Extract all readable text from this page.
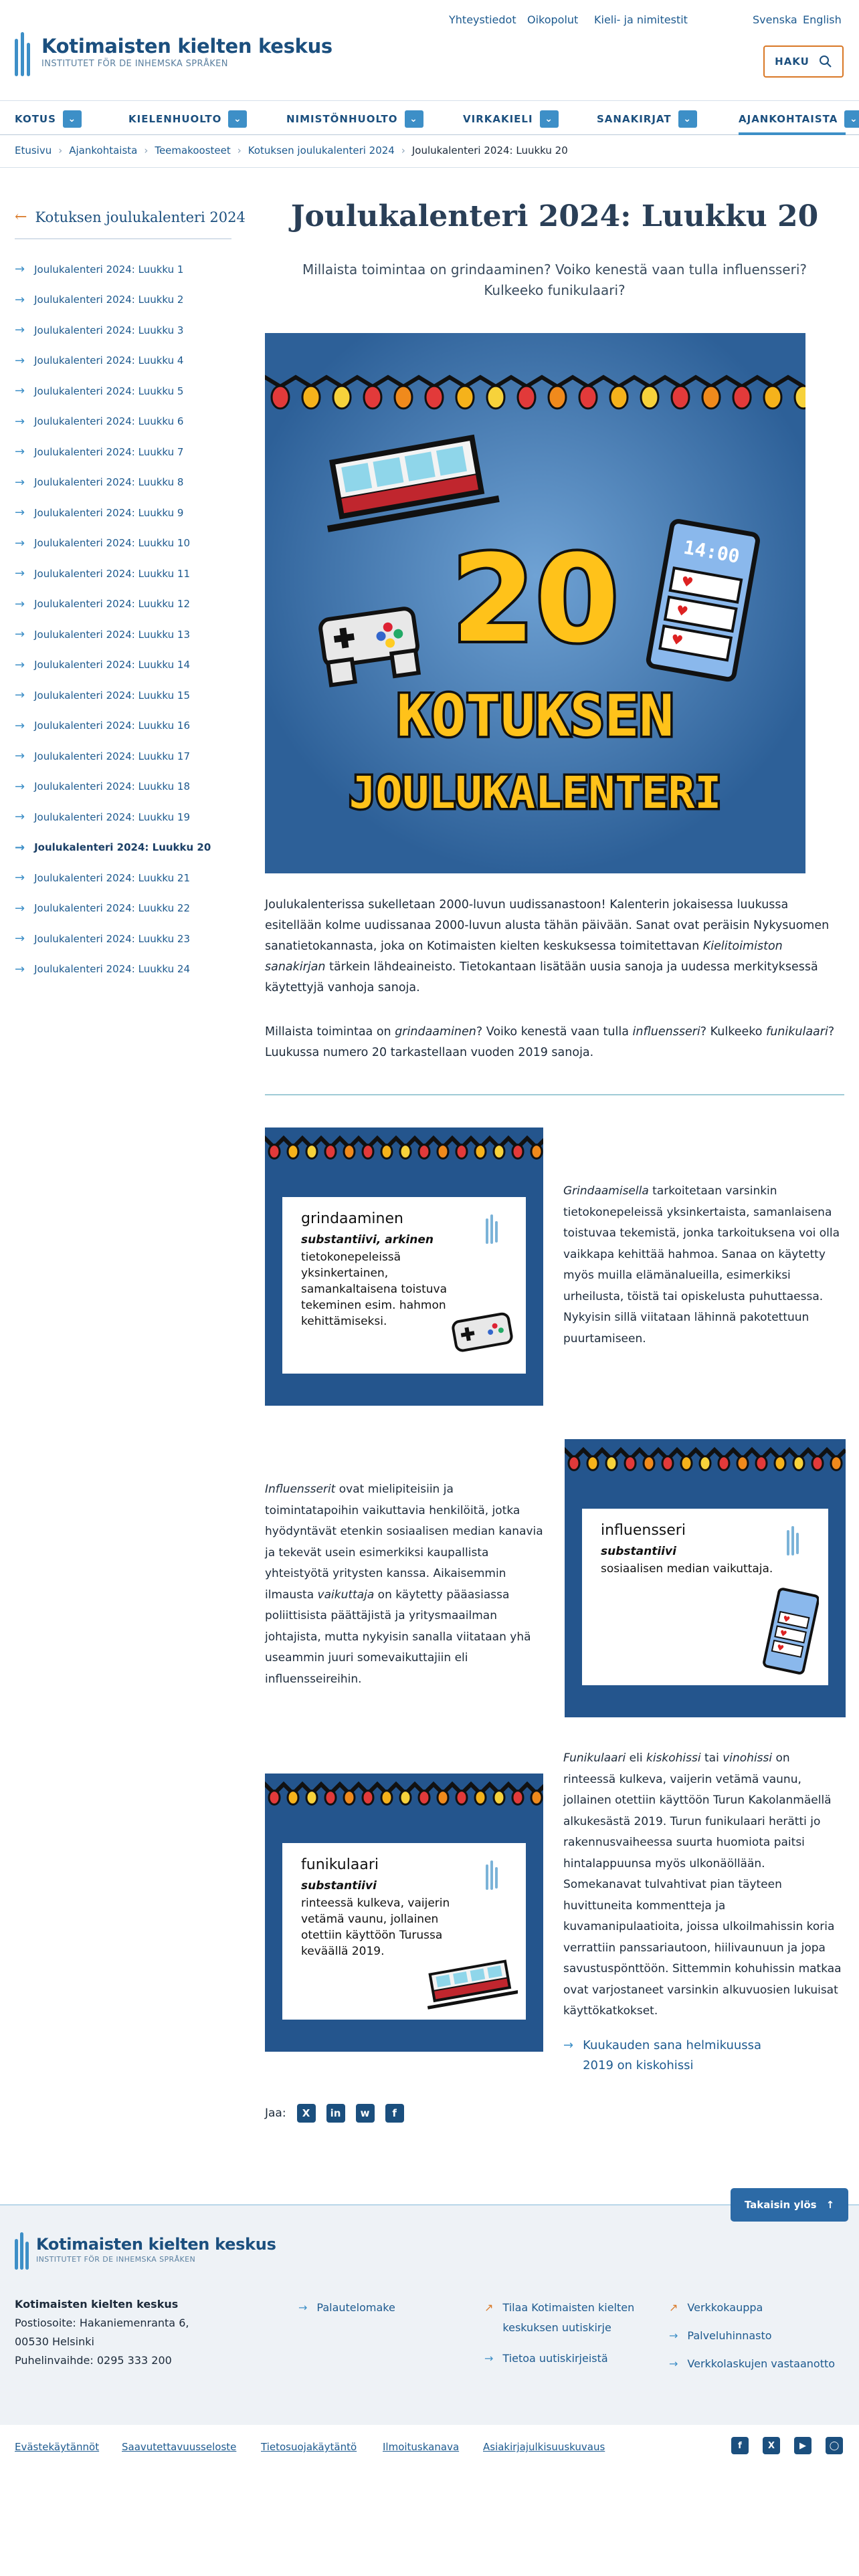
Kotimaisten kielten keskus
INSTITUTET FÖR DE INHEMSKA SPRÅKEN
Yhteystiedot Oikopolut Kieli- ja nimitestit	Svenska English
HAKU
KOTUS	⌄	KIELENHUOLTO	⌄	NIMISTÖNHUOLTO	⌄	VIRKAKIELI	⌄	SANAKIRJAT	⌄	AJANKOHTAISTA	⌄
Etusivu › Ajankohtaista › Teemakoosteet › Kotuksen joulukalenteri 2024 › Joulukalenteri 2024: Luukku 20
← Kotuksen joulukalenteri 2024
→ Joulukalenteri 2024: Luukku 1
→ Joulukalenteri 2024: Luukku 2
→ Joulukalenteri 2024: Luukku 3
→ Joulukalenteri 2024: Luukku 4
→ Joulukalenteri 2024: Luukku 5
→ Joulukalenteri 2024: Luukku 6
→ Joulukalenteri 2024: Luukku 7
→ Joulukalenteri 2024: Luukku 8
→ Joulukalenteri 2024: Luukku 9
→ Joulukalenteri 2024: Luukku 10
→ Joulukalenteri 2024: Luukku 11
→ Joulukalenteri 2024: Luukku 12
→ Joulukalenteri 2024: Luukku 13
→ Joulukalenteri 2024: Luukku 14
→ Joulukalenteri 2024: Luukku 15
→ Joulukalenteri 2024: Luukku 16
→ Joulukalenteri 2024: Luukku 17
→ Joulukalenteri 2024: Luukku 18
→ Joulukalenteri 2024: Luukku 19
→ Joulukalenteri 2024: Luukku 20
→ Joulukalenteri 2024: Luukku 21
→ Joulukalenteri 2024: Luukku 22
→ Joulukalenteri 2024: Luukku 23
→ Joulukalenteri 2024: Luukku 24
Joulukalenteri 2024: Luukku 20

Millaista toimintaa on grindaaminen? Voiko kenestä vaan tulla influensseri? Kulkeeko funikulaari?

14:00
♥
♥
♥
20
KOTUKSEN
JOULUKALENTERI

Joulukalenterissa sukelletaan 2000-luvun uudissanastoon! Kalenterin jokaisessa luukussa esitellään kolme uudissanaa 2000-luvun alusta tähän päivään. Sanat ovat peräisin Nykysuomen sanatietokannasta, joka on Kotimaisten kielten keskuksessa toimitettavan Kielitoimiston sanakirjan tärkein lähdeaineisto. Tietokantaan lisätään uusia sanoja ja uudessa merkityksessä käytettyjä vanhoja sanoja.

Millaista toimintaa on grindaaminen? Voiko kenestä vaan tulla influensseri? Kulkeeko funikulaari? Luukussa numero 20 tarkastellaan vuoden 2019 sanoja.

grindaaminen
substantiivi, arkinen
tietokonepeleissä yksinkertainen, samankaltaisena toistuva tekeminen esim. hahmon kehittämiseksi.

Grindaamisella tarkoitetaan varsinkin tietokonepeleissä yksinkertaista, samanlaisena toistuvaa tekemistä, jonka tarkoituksena voi olla vaikkapa kehittää hahmoa. Sanaa on käytetty myös muilla elämänalueilla, esimerkiksi urheilusta, töistä tai opiskelusta puhuttaessa. Nykyisin sillä viitataan lähinnä pakotettuun puurtamiseen.

Influensserit ovat mielipiteisiin ja toimintatapoihin vaikuttavia henkilöitä, jotka hyödyntävät etenkin sosiaalisen median kanavia ja tekevät usein esimerkiksi kaupallista yhteistyötä yritysten kanssa. Aikaisemmin ilmausta vaikuttaja on käytetty pääasiassa poliittisista päättäjistä ja yritysmaailman johtajista, mutta nykyisin sanalla viitataan yhä useammin juuri somevaikuttajiin eli influensseireihin.

influensseri
substantiivi
sosiaalisen median vaikuttaja.
♥
♥
♥

Funikulaari eli kiskohissi tai vinohissi on rinteessä kulkeva, vaijerin vetämä vaunu, jollainen otettiin käyttöön Turun Kakolanmäellä alkukesästä 2019. Turun funikulaari herätti jo rakennusvaiheessa suurta huomiota paitsi hintalappuunsa myös ulkonäöllään. Somekanavat tulvahtivat pian täyteen huvittuneita kommentteja ja kuvamanipulaatioita, joissa ulkoilmahissin koria verrattiin panssariautoon, hiilivaunuun ja jopa savustuspönttöön. Sittemmin kohuhissin matkaa ovat varjostaneet varsinkin alkuvuosien lukuisat käyttökatkokset.

funikulaari
substantiivi
rinteessä kulkeva, vaijerin vetämä vaunu, jollainen otettiin käyttöön Turussa keväällä 2019.
→ Kuukauden sana helmikuussa 2019 on kiskohissi
Jaa:	X	in	w	f
Kotimaisten kielten keskus
INSTITUTET FÖR DE INHEMSKA SPRÅKEN
Takaisin ylös ↑
Kotimaisten kielten keskus
Postiosoite: Hakaniemenranta 6,
00530 Helsinki
Puhelinvaihde: 0295 333 200
→ Palautelomake	↗ Tilaa Kotimaisten kielten keskuksen uutiskirje
→ Tietoa uutiskirjeistä
↗ Verkkokauppa
→ Palveluhinnasto
→ Verkkolaskujen vastaanotto
Evästekäytännöt Saavutettavuusseloste Tietosuojakäytäntö	Ilmoituskanava Asiakirjajulkisuuskuvaus	f	X	▶	◯
